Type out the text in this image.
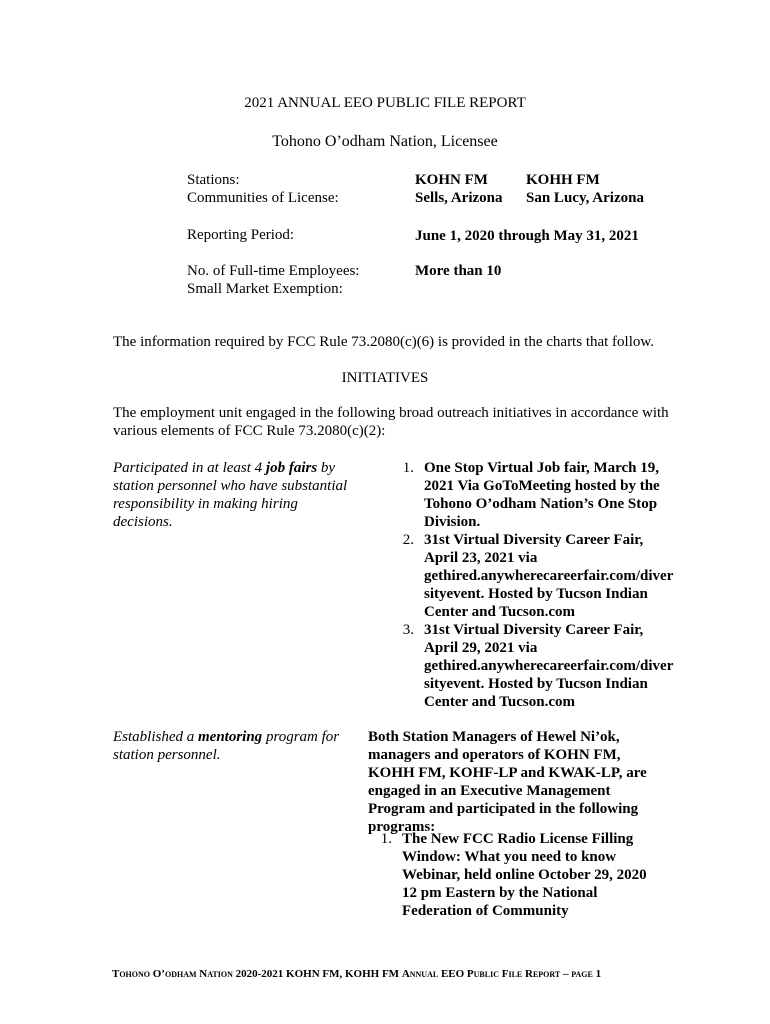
2021 ANNUAL EEO PUBLIC FILE REPORT
Tohono O’odham Nation, Licensee
Stations:
Communities of License:
KOHN FM
Sells, Arizona
KOHH FM
San Lucy, Arizona
Reporting Period:	June 1, 2020 through May 31, 2021
No. of Full-time Employees:	More than 10
Small Market Exemption:
The information required by FCC Rule 73.2080(c)(6) is provided in the charts that follow.
INITIATIVES
The employment unit engaged in the following broad outreach initiatives in accordance with various elements of FCC Rule 73.2080(c)(2):
Participated in at least 4 job fairs by station personnel who have substantial responsibility in making hiring decisions.
1. One Stop Virtual Job fair, March 19, 2021 Via GoToMeeting hosted by the Tohono O’odham Nation’s One Stop Division.
2. 31st Virtual Diversity Career Fair, April 23, 2021 via gethired.anywherecareerfair.com/diversityevent. Hosted by Tucson Indian Center and Tucson.com
3. 31st Virtual Diversity Career Fair, April 29, 2021 via gethired.anywherecareerfair.com/diversityevent. Hosted by Tucson Indian Center and Tucson.com
Established a mentoring program for station personnel.
Both Station Managers of Hewel Ni’ok, managers and operators of KOHN FM, KOHH FM, KOHF-LP and KWAK-LP, are engaged in an Executive Management Program and participated in the following programs:
1. The New FCC Radio License Filling Window: What you need to know Webinar, held online October 29, 2020 12 pm Eastern by the National Federation of Community
Tohono O’odham Nation 2020-2021 KOHN FM, KOHH FM Annual EEO Public File Report – page 1
